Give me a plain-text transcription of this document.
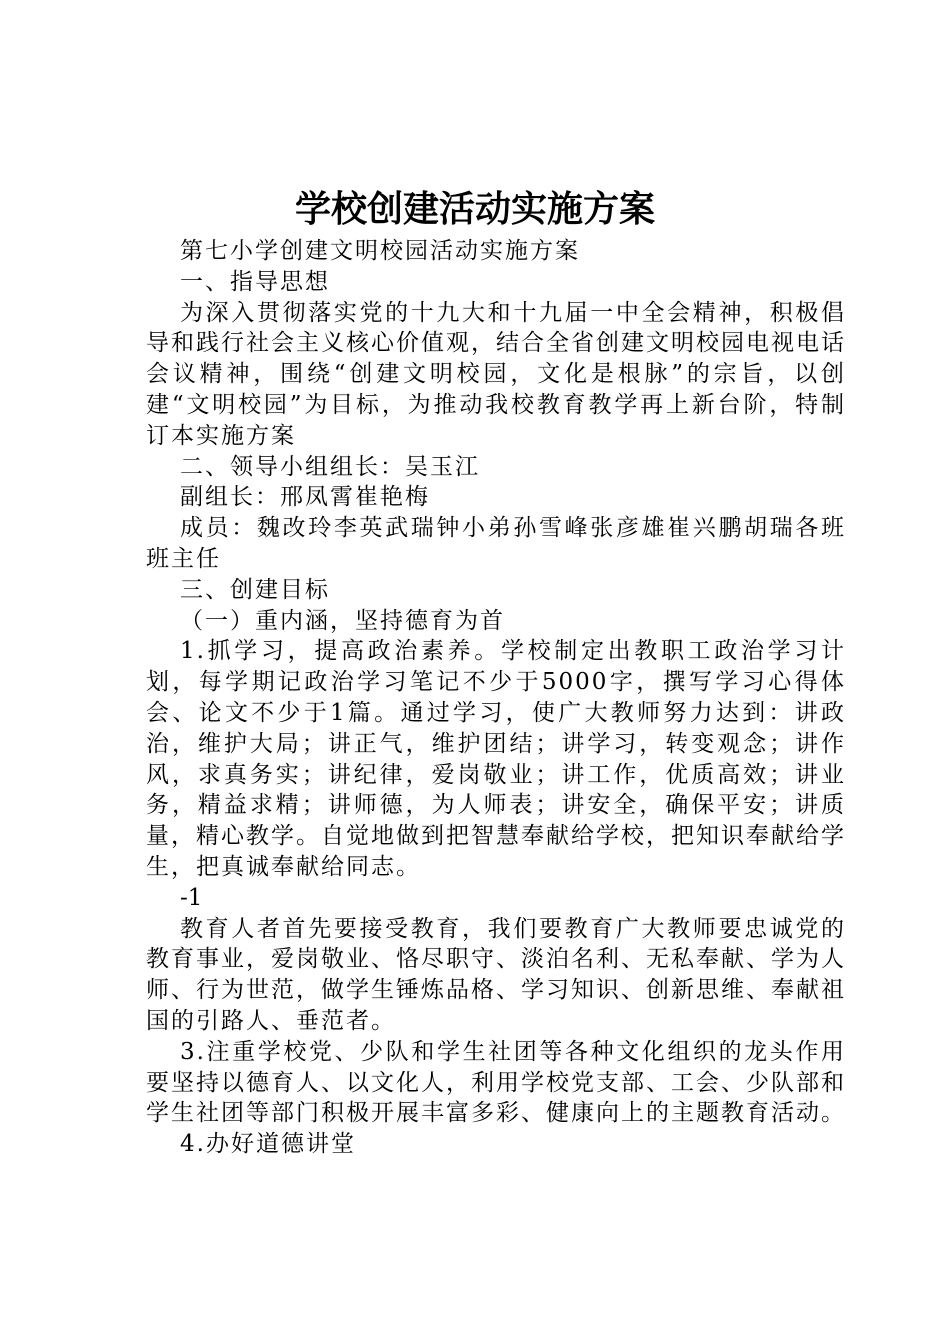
学校创建活动实施方案

第七小学创建文明校园活动实施方案

一、指导思想

为深入贯彻落实党的十九大和十九届一中全会精神，积极倡导和践行社会主义核心价值观，结合全省创建文明校园电视电话会议精神，围绕“创建文明校园，文化是根脉”的宗旨，以创建“文明校园”为目标，为推动我校教育教学再上新台阶，特制订本实施方案

二、领导小组组长：吴玉江

副组长：邢凤霄崔艳梅

成员：魏改玲李英武瑞钟小弟孙雪峰张彦雄崔兴鹏胡瑞各班班主任

三、创建目标

（一）重内涵，坚持德育为首

1.抓学习，提高政治素养。学校制定出教职工政治学习计划，每学期记政治学习笔记不少于5000字，撰写学习心得体会、论文不少于1篇。通过学习，使广大教师努力达到：讲政治，维护大局；讲正气，维护团结；讲学习，转变观念；讲作风，求真务实；讲纪律，爱岗敬业；讲工作，优质高效；讲业务，精益求精；讲师德，为人师表；讲安全，确保平安；讲质量，精心教学。自觉地做到把智慧奉献给学校，把知识奉献给学生，把真诚奉献给同志。

-1

教育人者首先要接受教育，我们要教育广大教师要忠诚党的教育事业，爱岗敬业、恪尽职守、淡泊名利、无私奉献、学为人师、行为世范，做学生锤炼品格、学习知识、创新思维、奉献祖国的引路人、垂范者。

3.注重学校党、少队和学生社团等各种文化组织的龙头作用要坚持以德育人、以文化人，利用学校党支部、工会、少队部和学生社团等部门积极开展丰富多彩、健康向上的主题教育活动。

4.办好道德讲堂
